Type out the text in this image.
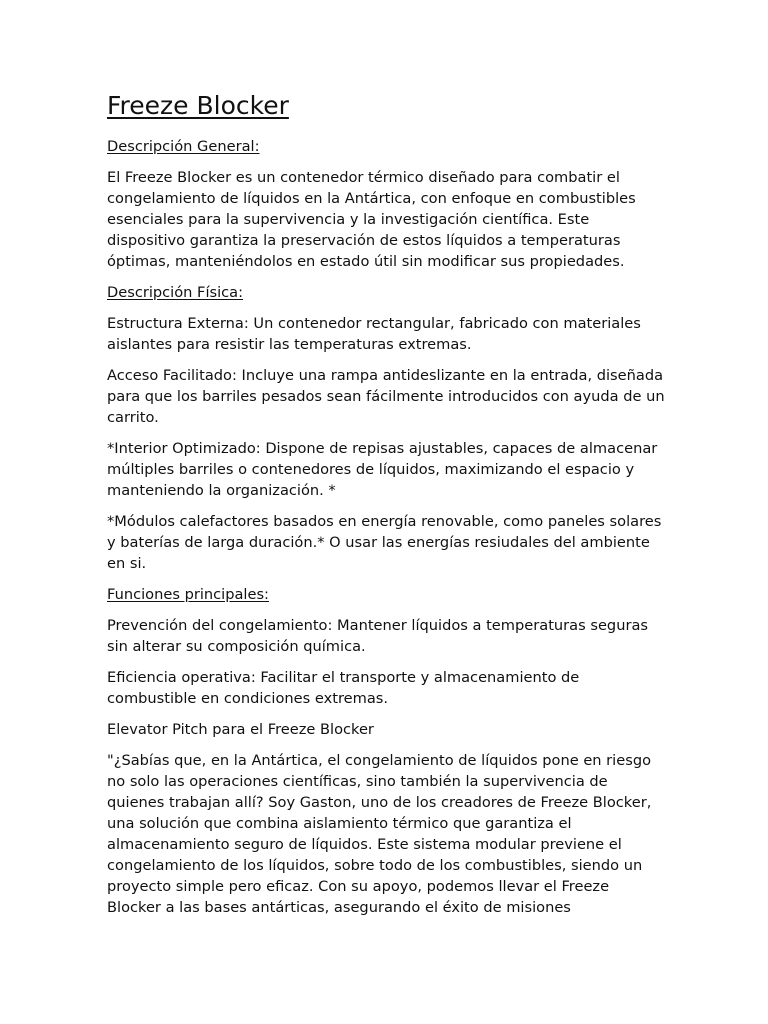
Freeze Blocker

Descripción General:

El Freeze Blocker es un contenedor térmico diseñado para combatir el congelamiento de líquidos en la Antártica, con enfoque en combustibles esenciales para la supervivencia y la investigación científica. Este dispositivo garantiza la preservación de estos líquidos a temperaturas óptimas, manteniéndolos en estado útil sin modificar sus propiedades.

Descripción Física:

Estructura Externa: Un contenedor rectangular, fabricado con materiales aislantes para resistir las temperaturas extremas.

Acceso Facilitado: Incluye una rampa antideslizante en la entrada, diseñada para que los barriles pesados sean fácilmente introducidos con ayuda de un carrito.

*Interior Optimizado: Dispone de repisas ajustables, capaces de almacenar múltiples barriles o contenedores de líquidos, maximizando el espacio y manteniendo la organización. *

*Módulos calefactores basados en energía renovable, como paneles solares y baterías de larga duración.* O usar las energías resiudales del ambiente en si.

Funciones principales:

Prevención del congelamiento: Mantener líquidos a temperaturas seguras sin alterar su composición química.

Eficiencia operativa: Facilitar el transporte y almacenamiento de combustible en condiciones extremas.

Elevator Pitch para el Freeze Blocker

"¿Sabías que, en la Antártica, el congelamiento de líquidos pone en riesgo no solo las operaciones científicas, sino también la supervivencia de quienes trabajan allí? Soy Gaston, uno de los creadores de Freeze Blocker, una solución que combina aislamiento térmico que garantiza el almacenamiento seguro de líquidos. Este sistema modular previene el congelamiento de los líquidos, sobre todo de los combustibles, siendo un proyecto simple pero eficaz. Con su apoyo, podemos llevar el Freeze Blocker a las bases antárticas, asegurando el éxito de misiones
